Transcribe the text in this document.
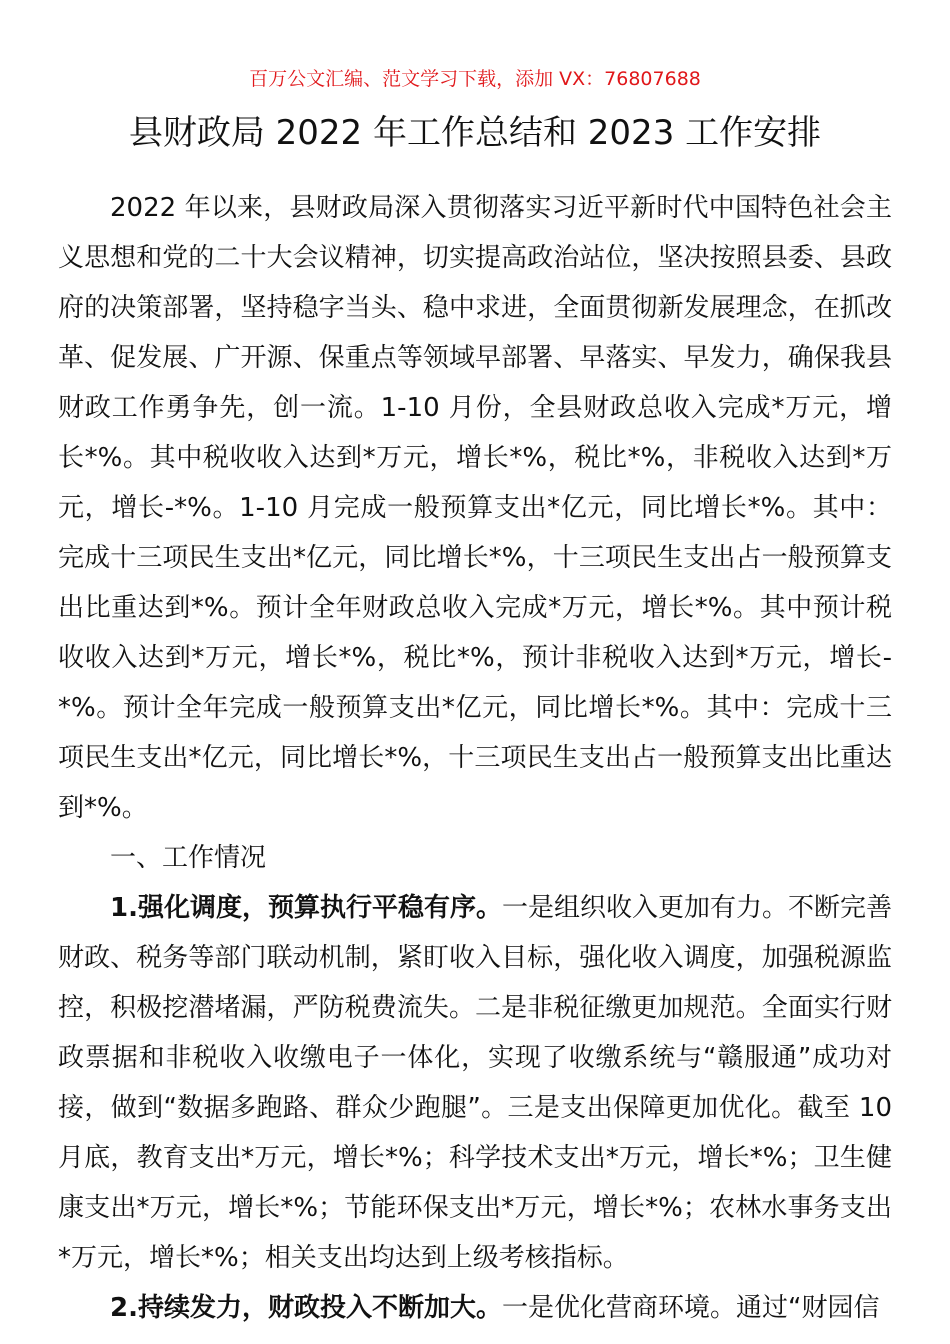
百万公文汇编、范文学习下载，添加 VX：76807688
县财政局 2022 年工作总结和 2023 工作安排

2022 年以来，县财政局深入贯彻落实习近平新时代中国特色社会主义思想和党的二十大会议精神，切实提高政治站位，坚决按照县委、县政府的决策部署，坚持稳字当头、稳中求进，全面贯彻新发展理念，在抓改革、促发展、广开源、保重点等领域早部署、早落实、早发力，确保我县财政工作勇争先，创一流。1-10 月份，全县财政总收入完成*万元，增长*%。其中税收收入达到*万元，增长*%，税比*%，非税收入达到*万元，增长-*%。1-10 月完成一般预算支出*亿元，同比增长*%。其中：完成十三项民生支出*亿元，同比增长*%，十三项民生支出占一般预算支出比重达到*%。预计全年财政总收入完成*万元，增长*%。其中预计税收收入达到*万元，增长*%，税比*%，预计非税收入达到*万元，增长-*%。预计全年完成一般预算支出*亿元，同比增长*%。其中：完成十三项民生支出*亿元，同比增长*%，十三项民生支出占一般预算支出比重达到*%。

一、工作情况

1.强化调度，预算执行平稳有序。一是组织收入更加有力。不断完善财政、税务等部门联动机制，紧盯收入目标，强化收入调度，加强税源监控，积极挖潜堵漏，严防税费流失。二是非税征缴更加规范。全面实行财政票据和非税收入收缴电子一体化，实现了收缴系统与“赣服通”成功对接，做到“数据多跑路、群众少跑腿”。三是支出保障更加优化。截至 10 月底，教育支出*万元，增长*%；科学技术支出*万元，增长*%；卫生健康支出*万元，增长*%；节能环保支出*万元，增长*%；农林水事务支出*万元，增长*%；相关支出均达到上级考核指标。

2.持续发力，财政投入不断加大。一是优化营商环境。通过“财园信
